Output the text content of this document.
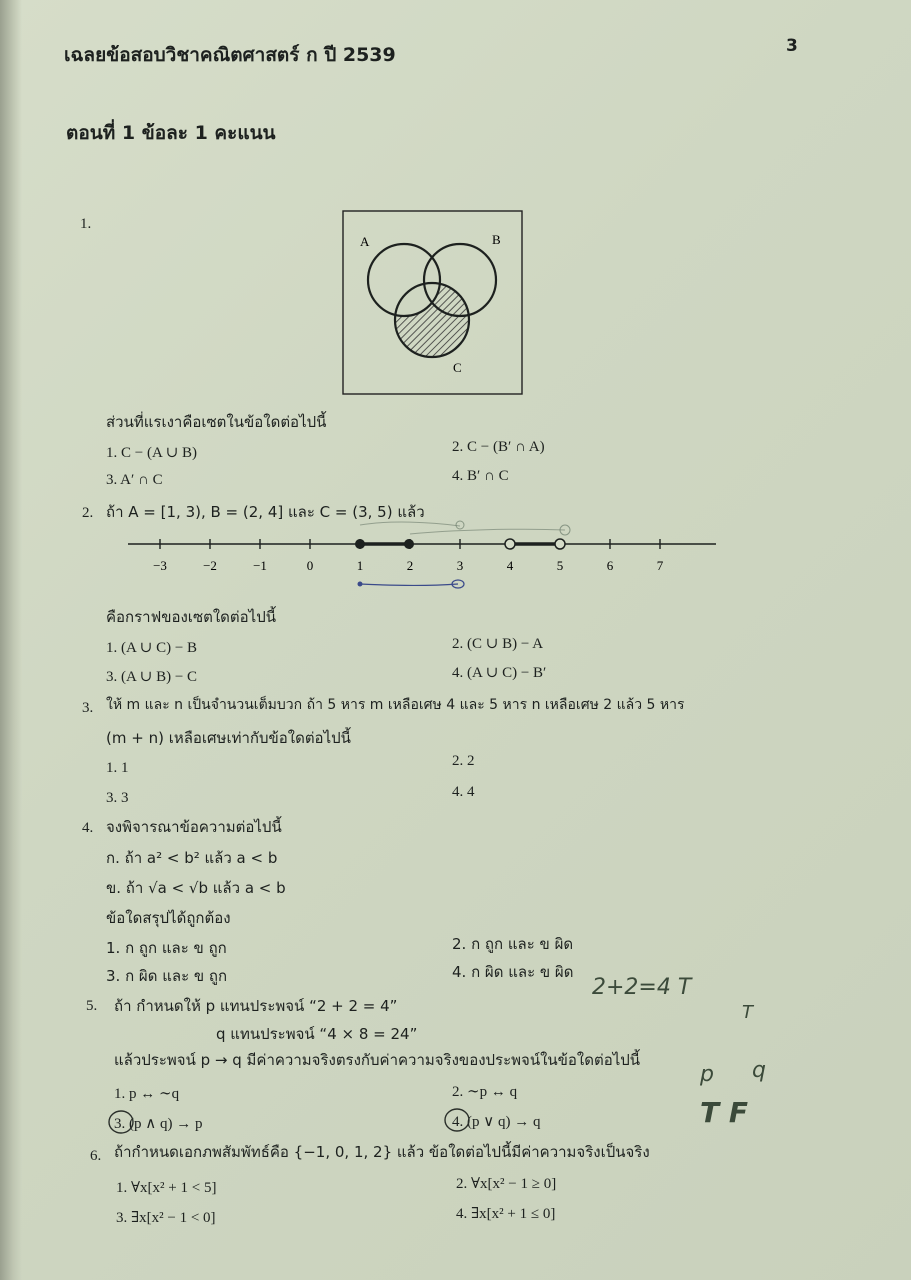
เฉลยข้อสอบวิชาคณิตศาสตร์ ก ปี 2539	3
ตอนที่ 1 ข้อละ 1 คะแนน
1.
A	B
C
ส่วนที่แรเงาคือเซตในข้อใดต่อไปนี้
1. C − (A ∪ B)	2. C − (B′ ∩ A)
3. A′ ∩ C	4. B′ ∩ C
2. ถ้า A = [1, 3), B = (2, 4] และ C = (3, 5) แล้ว
−3	−2	−1	0	1	2	3	4	5	6	7
คือกราฟของเซตใดต่อไปนี้
1. (A ∪ C) − B	2. (C ∪ B) − A
3. (A ∪ B) − C	4. (A ∪ C) − B′
3. ให้ m และ n เป็นจำนวนเต็มบวก ถ้า 5 หาร m เหลือเศษ 4 และ 5 หาร n เหลือเศษ 2 แล้ว 5 หาร
(m + n) เหลือเศษเท่ากับข้อใดต่อไปนี้
1. 1	2. 2
3. 3	4. 4
4. จงพิจารณาข้อความต่อไปนี้
ก. ถ้า a² < b² แล้ว a < b
ข. ถ้า √a < √b แล้ว a < b
ข้อใดสรุปได้ถูกต้อง
1. ก ถูก และ ข ถูก	2. ก ถูก และ ข ผิด
3. ก ผิด และ ข ถูก	4. ก ผิด และ ข ผิด
5. ถ้า กำหนดให้ p แทนประพจน์ “2 + 2 = 4”
q แทนประพจน์ “4 × 8 = 24”
แล้วประพจน์ p → q มีค่าความจริงตรงกับค่าความจริงของประพจน์ในข้อใดต่อไปนี้
1. p ↔ ∼q	2. ∼p ↔ q
3. (p ∧ q) → p	4. (p ∨ q) → q
2+2=4 T
T
p q
T F
6. ถ้ากำหนดเอกภพสัมพัทธ์คือ {−1, 0, 1, 2} แล้ว ข้อใดต่อไปนี้มีค่าความจริงเป็นจริง
1. ∀x[x² + 1 < 5]	2. ∀x[x² − 1 ≥ 0]
3. ∃x[x² − 1 < 0]	4. ∃x[x² + 1 ≤ 0]
